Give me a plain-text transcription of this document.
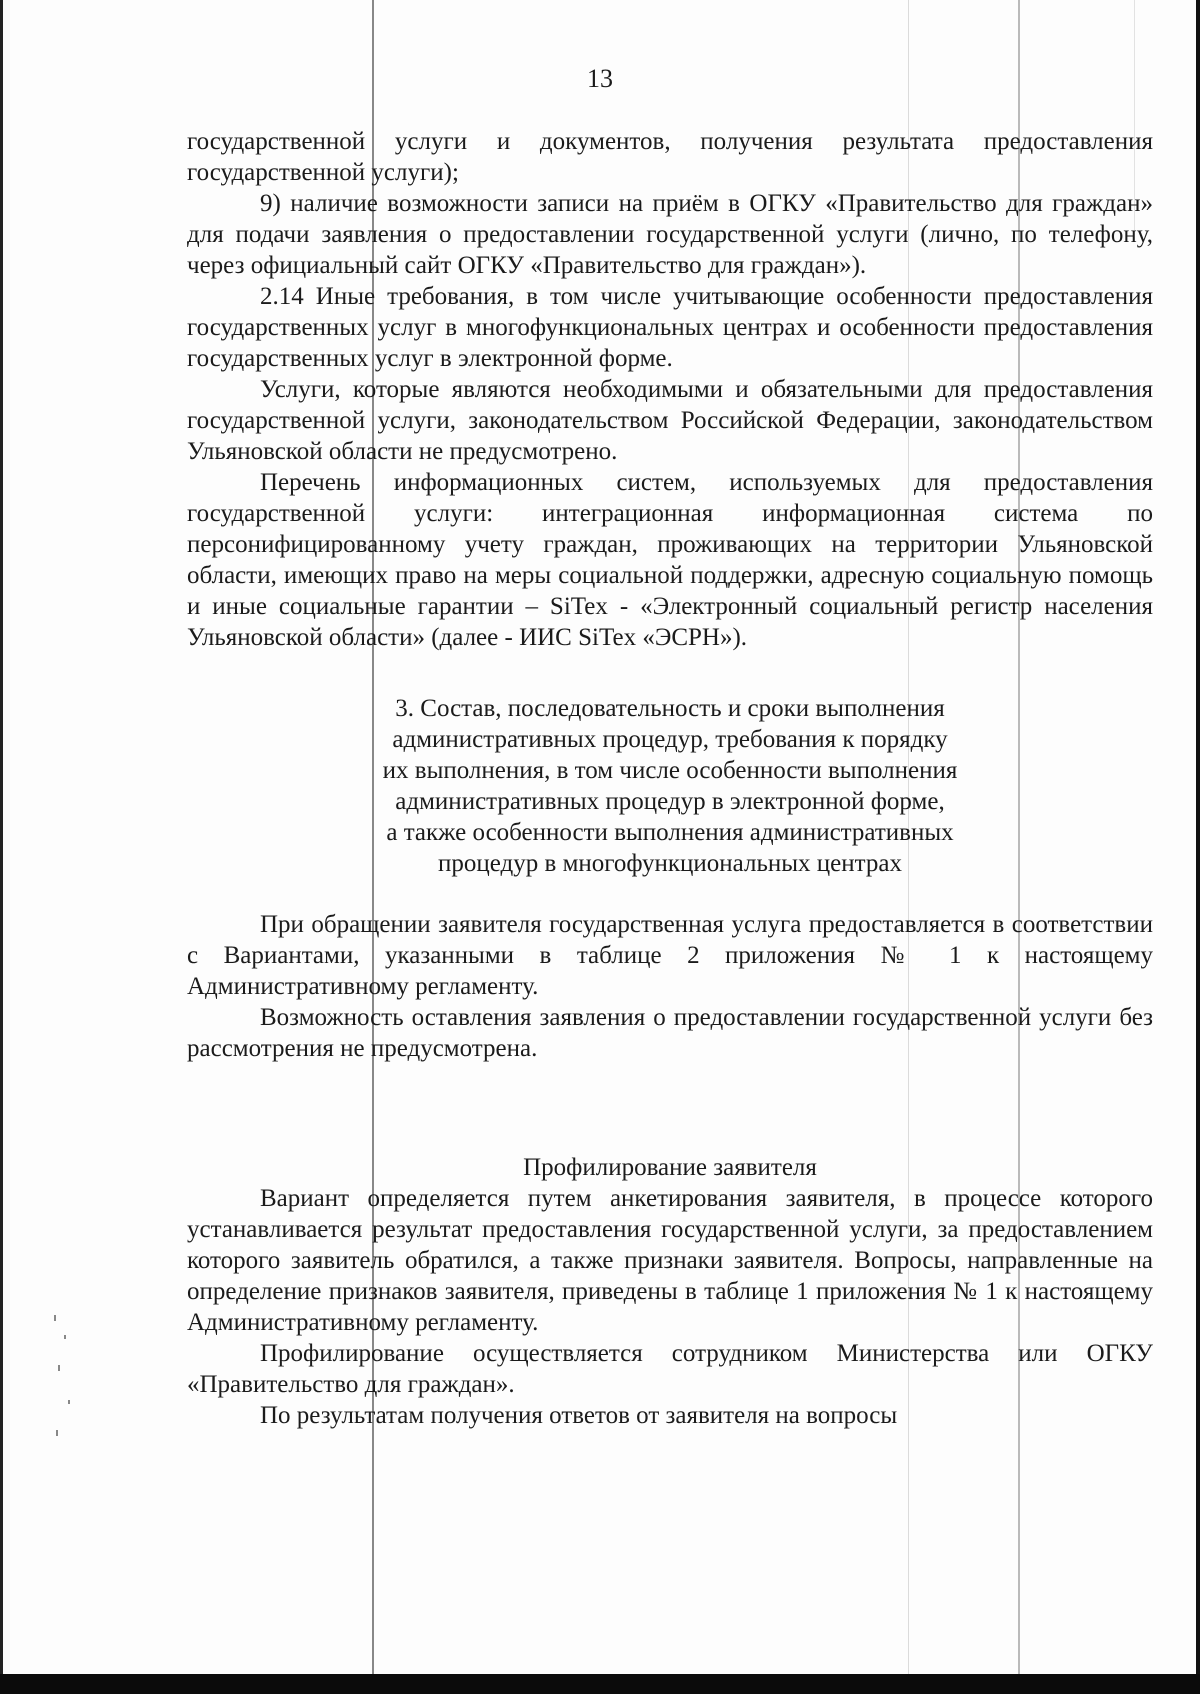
13

государственной услуги и документов, получения результата предоставления государственной услуги);

9) наличие возможности записи на приём в ОГКУ «Правительство для граждан» для подачи заявления о предоставлении государственной услуги (лично, по телефону, через официальный сайт ОГКУ «Правительство для граждан»).

2.14 Иные требования, в том числе учитывающие особенности предоставления государственных услуг в многофункциональных центрах и особенности предоставления государственных услуг в электронной форме.

Услуги, которые являются необходимыми и обязательными для предоставления государственной услуги, законодательством Российской Федерации, законодательством Ульяновской области не предусмотрено.

Перечень информационных систем, используемых для предоставления государственной услуги: интеграционная информационная система по персонифицированному учету граждан, проживающих на территории Ульяновской области, имеющих право на меры социальной поддержки, адресную социальную помощь и иные социальные гарантии – SiTex - «Электронный социальный регистр населения Ульяновской области» (далее - ИИС SiTex «ЭСРН»).

3. Состав, последовательность и сроки выполнения

административных процедур, требования к порядку

их выполнения, в том числе особенности выполнения

административных процедур в электронной форме,

а также особенности выполнения административных

процедур в многофункциональных центрах

При обращении заявителя государственная услуга предоставляется в соответствии с Вариантами, указанными в таблице 2 приложения № 1 к настоящему Административному регламенту.

Возможность оставления заявления о предоставлении государственной услуги без рассмотрения не предусмотрена.

Профилирование заявителя

Вариант определяется путем анкетирования заявителя, в процессе которого устанавливается результат предоставления государственной услуги, за предоставлением которого заявитель обратился, а также признаки заявителя. Вопросы, направленные на определение признаков заявителя, приведены в таблице 1 приложения № 1 к настоящему Административному регламенту.

Профилирование осуществляется сотрудником Министерства или ОГКУ «Правительство для граждан».

По результатам получения ответов от заявителя на вопросы
